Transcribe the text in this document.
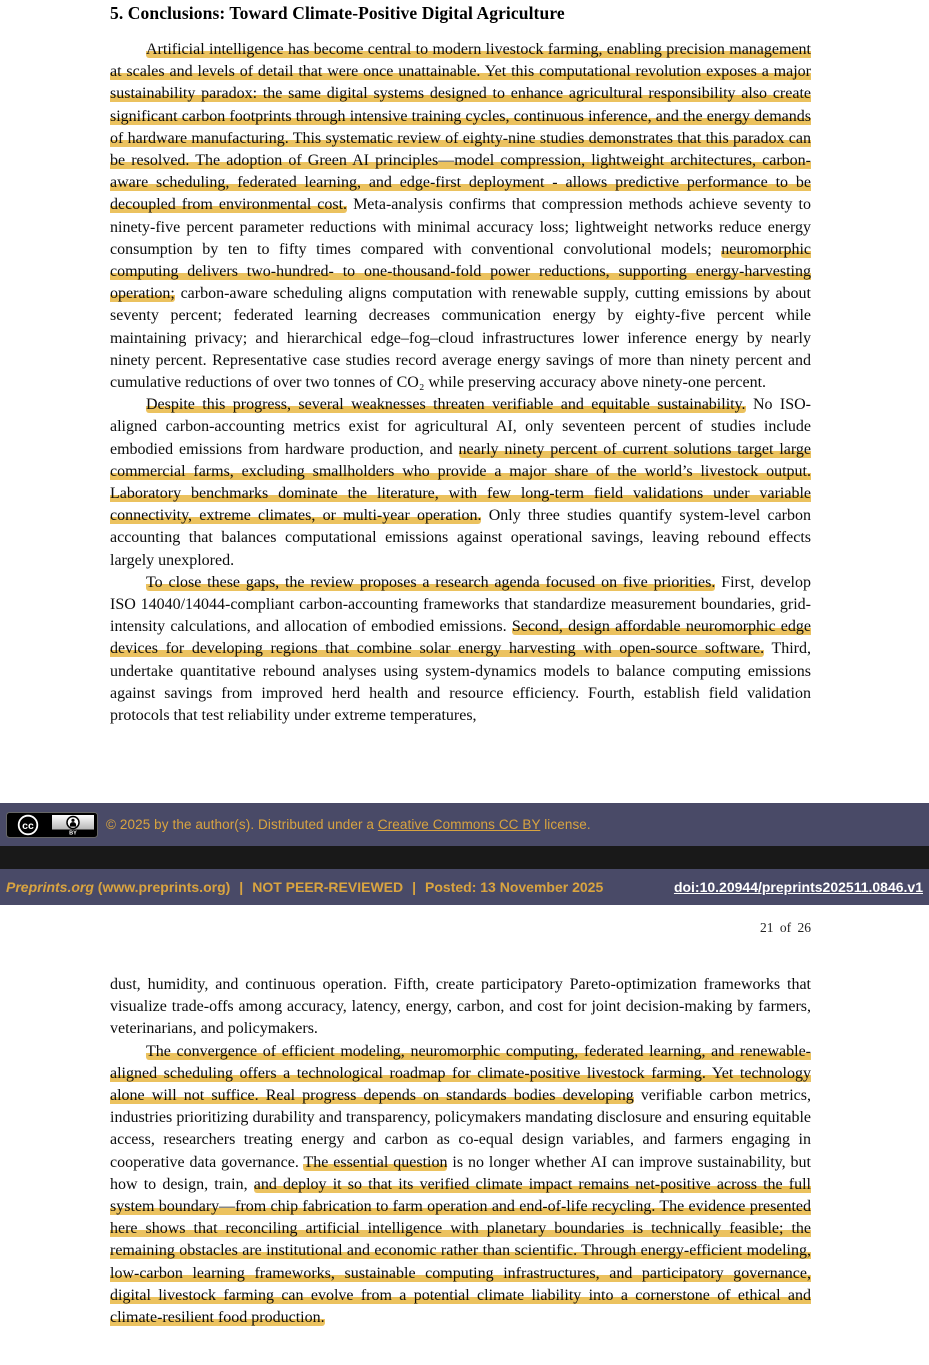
5. Conclusions: Toward Climate-Positive Digital Agriculture

Artificial intelligence has become central to modern livestock farming, enabling precision management at scales and levels of detail that were once unattainable. Yet this computational revolution exposes a major sustainability paradox: the same digital systems designed to enhance agricultural responsibility also create significant carbon footprints through intensive training cycles, continuous inference, and the energy demands of hardware manufacturing. This systematic review of eighty-nine studies demonstrates that this paradox can be resolved. The adoption of Green AI principles—model compression, lightweight architectures, carbon-aware scheduling, federated learning, and edge-first deployment - allows predictive performance to be decoupled from environmental cost. Meta-analysis confirms that compression methods achieve seventy to ninety-five percent parameter reductions with minimal accuracy loss; lightweight networks reduce energy consumption by ten to fifty times compared with conventional convolutional models; neuromorphic computing delivers two-hundred- to one-thousand-fold power reductions, supporting energy-harvesting operation; carbon-aware scheduling aligns computation with renewable supply, cutting emissions by about seventy percent; federated learning decreases communication energy by eighty-five percent while maintaining privacy; and hierarchical edge–fog–cloud infrastructures lower inference energy by nearly ninety percent. Representative case studies record average energy savings of more than ninety percent and cumulative reductions of over two tonnes of CO₂ while preserving accuracy above ninety-one percent.

Despite this progress, several weaknesses threaten verifiable and equitable sustainability. No ISO-aligned carbon-accounting metrics exist for agricultural AI, only seventeen percent of studies include embodied emissions from hardware production, and nearly ninety percent of current solutions target large commercial farms, excluding smallholders who provide a major share of the world’s livestock output. Laboratory benchmarks dominate the literature, with few long-term field validations under variable connectivity, extreme climates, or multi-year operation. Only three studies quantify system-level carbon accounting that balances computational emissions against operational savings, leaving rebound effects largely unexplored.

To close these gaps, the review proposes a research agenda focused on five priorities. First, develop ISO 14040/14044-compliant carbon-accounting frameworks that standardize measurement boundaries, grid-intensity calculations, and allocation of embodied emissions. Second, design affordable neuromorphic edge devices for developing regions that combine solar energy harvesting with open-source software. Third, undertake quantitative rebound analyses using system-dynamics models to balance computing emissions against savings from improved herd health and resource efficiency. Fourth, establish field validation protocols that test reliability under extreme temperatures,

cc
BY
© 2025 by the author(s). Distributed under a Creative Commons CC BY license.
Preprints.org (www.preprints.org) | NOT PEER-REVIEWED | Posted: 13 November 2025	doi:10.20944/preprints202511.0846.v1
21 of 26

dust, humidity, and continuous operation. Fifth, create participatory Pareto-optimization frameworks that visualize trade-offs among accuracy, latency, energy, carbon, and cost for joint decision-making by farmers, veterinarians, and policymakers.

The convergence of efficient modeling, neuromorphic computing, federated learning, and renewable-aligned scheduling offers a technological roadmap for climate-positive livestock farming. Yet technology alone will not suffice. Real progress depends on standards bodies developing verifiable carbon metrics, industries prioritizing durability and transparency, policymakers mandating disclosure and ensuring equitable access, researchers treating energy and carbon as co-equal design variables, and farmers engaging in cooperative data governance. The essential question is no longer whether AI can improve sustainability, but how to design, train, and deploy it so that its verified climate impact remains net-positive across the full system boundary—from chip fabrication to farm operation and end-of-life recycling. The evidence presented here shows that reconciling artificial intelligence with planetary boundaries is technically feasible; the remaining obstacles are institutional and economic rather than scientific. Through energy-efficient modeling, low-carbon learning frameworks, sustainable computing infrastructures, and participatory governance, digital livestock farming can evolve from a potential climate liability into a cornerstone of ethical and climate-resilient food production.
